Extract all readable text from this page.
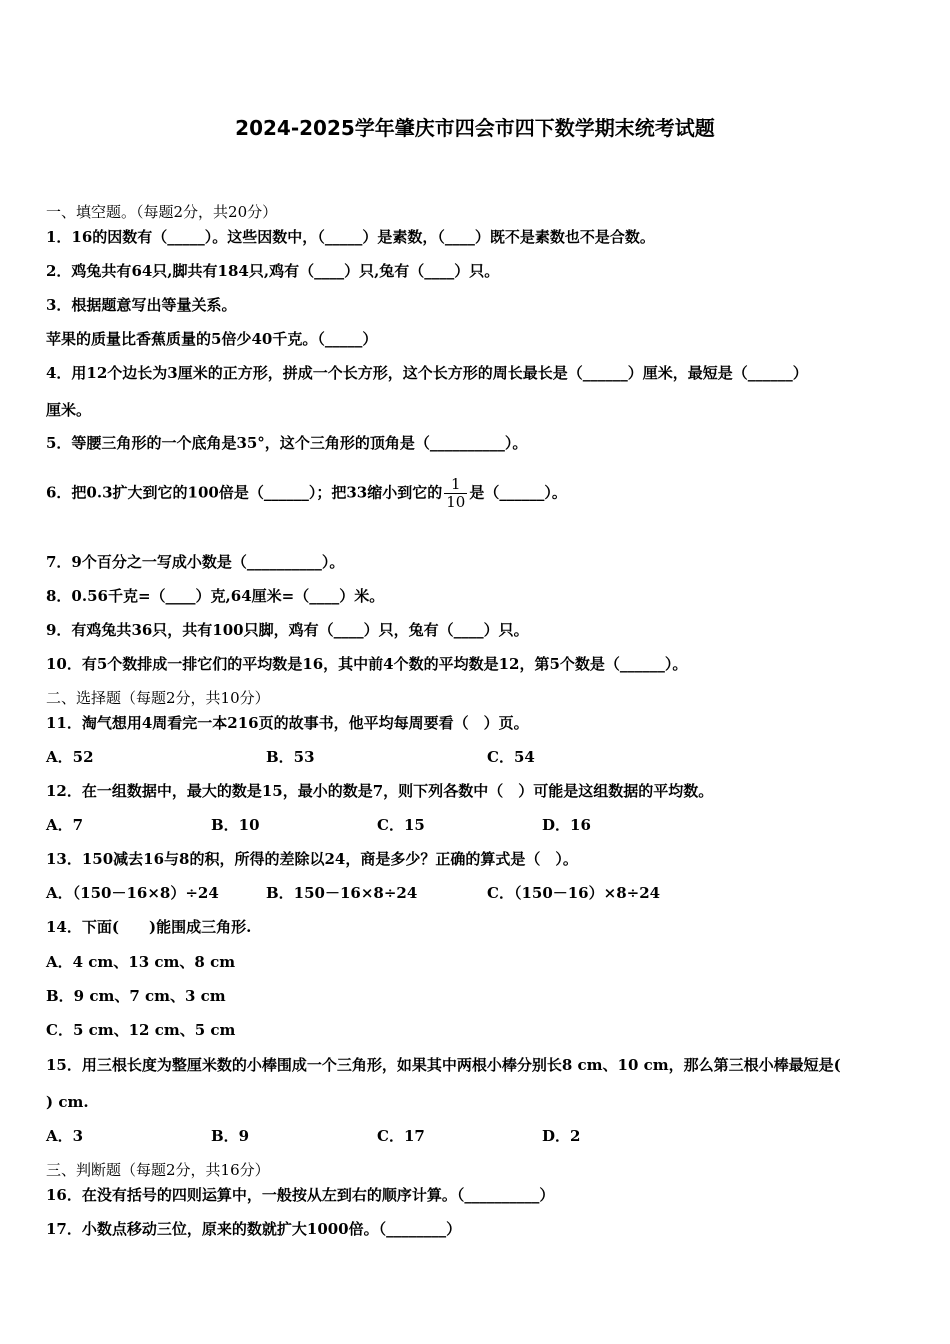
2024-2025学年肇庆市四会市四下数学期末统考试题
一、填空题。（每题2分，共20分）
1．16的因数有（_____）。这些因数中，（_____）是素数，（____）既不是素数也不是合数。
2．鸡兔共有64只,脚共有184只,鸡有（____）只,兔有（____）只。
3．根据题意写出等量关系。
苹果的质量比香蕉质量的5倍少40千克。（_____）
4．用12个边长为3厘米的正方形，拼成一个长方形，这个长方形的周长最长是（______）厘米，最短是（______）
厘米。
5．等腰三角形的一个底角是35°，这个三角形的顶角是（__________）。
6．把0.3扩大到它的100倍是（______）；把33缩小到它的 $\frac{1}{10}$ 是（______）。
7．9个百分之一写成小数是（__________）。
8．0.56千克=（____）克,64厘米=（____）米。
9．有鸡兔共36只，共有100只脚，鸡有（____）只，兔有（____）只。
10．有5个数排成一排它们的平均数是16，其中前4个数的平均数是12，第5个数是（______）。
二、选择题（每题2分，共10分）
11．淘气想用4周看完一本216页的故事书，他平均每周要看（　）页。
A．52	B．53	C．54
12．在一组数据中，最大的数是15，最小的数是7，则下列各数中（　）可能是这组数据的平均数。
A．7	B．10	C．15	D．16
13．150减去16与8的积，所得的差除以24，商是多少？正确的算式是（　）。
A．（150－16×8）÷24	B．150－16×8÷24	C．（150－16）×8÷24
14．下面(　　)能围成三角形.
A．4 cm、13 cm、8 cm
B．9 cm、7 cm、3 cm
C．5 cm、12 cm、5 cm
15．用三根长度为整厘米数的小棒围成一个三角形，如果其中两根小棒分别长8 cm、10 cm，那么第三根小棒最短是(
) cm.
A．3	B．9	C．17	D．2
三、判断题（每题2分，共16分）
16．在没有括号的四则运算中，一般按从左到右的顺序计算。（__________）
17．小数点移动三位，原来的数就扩大1000倍。（________）
